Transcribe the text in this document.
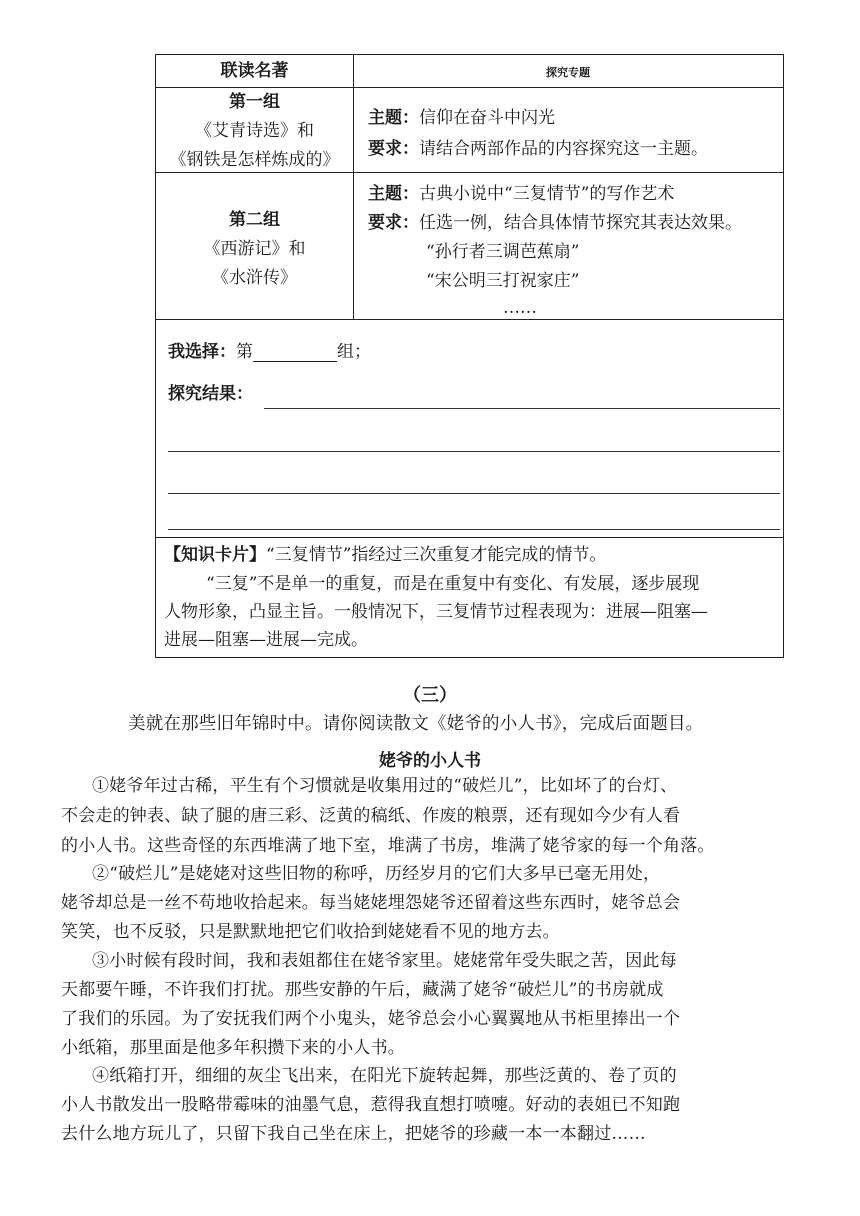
联读名著	探究专题
第一组
《艾青诗选》和
《钢铁是怎样炼成的》
主题：信仰在奋斗中闪光
要求：请结合两部作品的内容探究这一主题。
第二组
《西游记》和
《水浒传》
主题：古典小说中“三复情节”的写作艺术
要求：任选一例，结合具体情节探究其表达效果。
“孙行者三调芭蕉扇”
“宋公明三打祝家庄”
……
我选择：第	组；
探究结果：
【知识卡片】“三复情节”指经过三次重复才能完成的情节。
“三复”不是单一的重复，而是在重复中有变化、有发展，逐步展现
人物形象，凸显主旨。一般情况下，三复情节过程表现为：进展—阻塞—
进展—阻塞—进展—完成。
（三）
美就在那些旧年锦时中。请你阅读散文《姥爷的小人书》，完成后面题目。
姥爷的小人书
①姥爷年过古稀，平生有个习惯就是收集用过的“破烂儿”，比如坏了的台灯、
不会走的钟表、缺了腿的唐三彩、泛黄的稿纸、作废的粮票，还有现如今少有人看
的小人书。这些奇怪的东西堆满了地下室，堆满了书房，堆满了姥爷家的每一个角落。
②“破烂儿”是姥姥对这些旧物的称呼，历经岁月的它们大多早已毫无用处，
姥爷却总是一丝不苟地收拾起来。每当姥姥埋怨姥爷还留着这些东西时，姥爷总会
笑笑，也不反驳，只是默默地把它们收拾到姥姥看不见的地方去。
③小时候有段时间，我和表姐都住在姥爷家里。姥姥常年受失眠之苦，因此每
天都要午睡，不许我们打扰。那些安静的午后，藏满了姥爷“破烂儿”的书房就成
了我们的乐园。为了安抚我们两个小鬼头，姥爷总会小心翼翼地从书柜里捧出一个
小纸箱，那里面是他多年积攒下来的小人书。
④纸箱打开，细细的灰尘飞出来，在阳光下旋转起舞，那些泛黄的、卷了页的
小人书散发出一股略带霉味的油墨气息，惹得我直想打喷嚏。好动的表姐已不知跑
去什么地方玩儿了，只留下我自己坐在床上，把姥爷的珍藏一本一本翻过……
